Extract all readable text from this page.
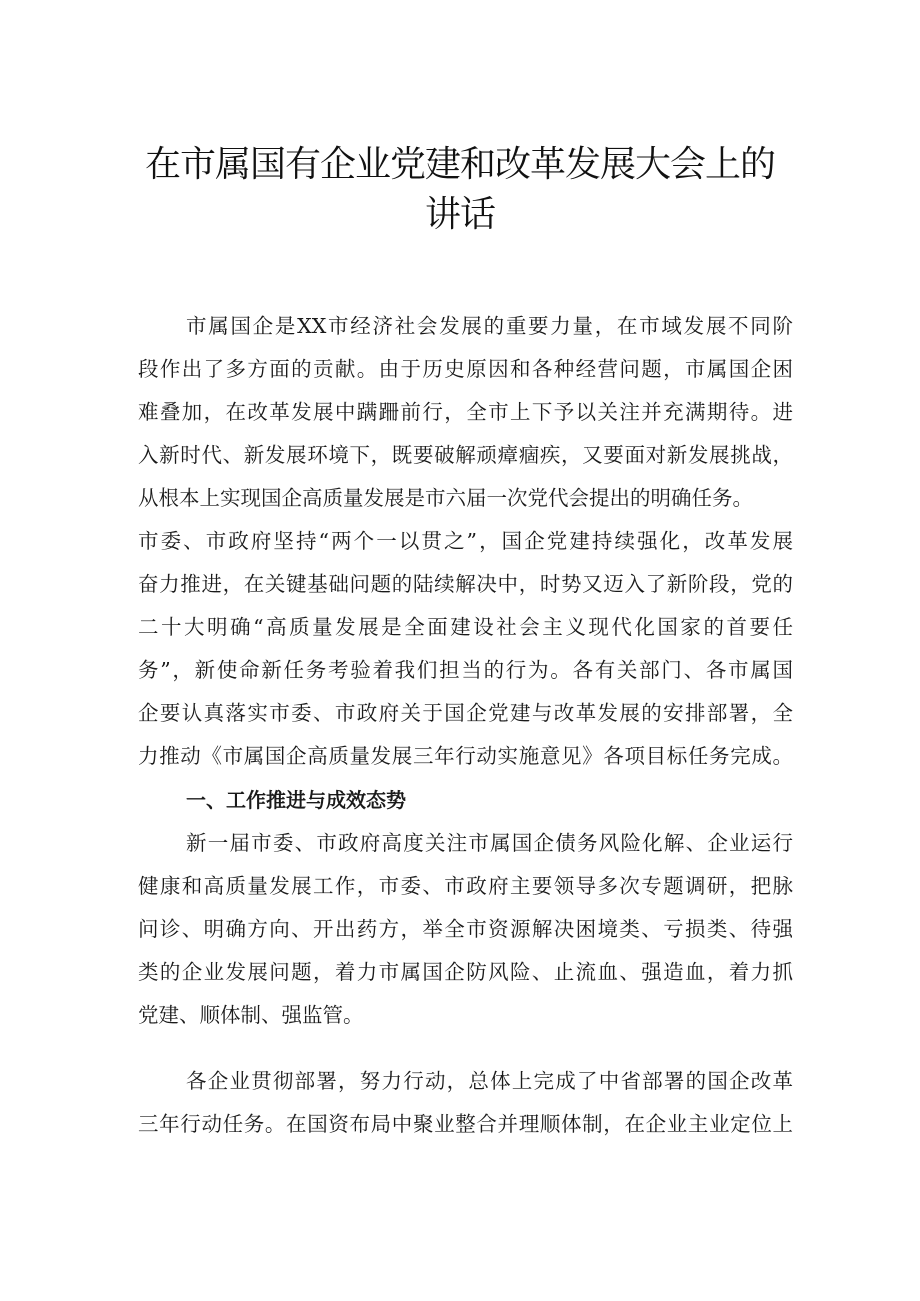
在市属国有企业党建和改革发展大会上的
讲话
市属国企是XX市经济社会发展的重要力量，在市域发展不同阶
段作出了多方面的贡献。由于历史原因和各种经营问题，市属国企困
难叠加，在改革发展中蹒跚前行，全市上下予以关注并充满期待。进
入新时代、新发展环境下，既要破解顽瘴痼疾，又要面对新发展挑战，
从根本上实现国企高质量发展是市六届一次党代会提出的明确任务。
市委、市政府坚持“两个一以贯之”，国企党建持续强化，改革发展
奋力推进，在关键基础问题的陆续解决中，时势又迈入了新阶段，党的
二十大明确“高质量发展是全面建设社会主义现代化国家的首要任
务”，新使命新任务考验着我们担当的行为。各有关部门、各市属国
企要认真落实市委、市政府关于国企党建与改革发展的安排部署，全
力推动《市属国企高质量发展三年行动实施意见》各项目标任务完成。
一、工作推进与成效态势
新一届市委、市政府高度关注市属国企债务风险化解、企业运行
健康和高质量发展工作，市委、市政府主要领导多次专题调研，把脉
问诊、明确方向、开出药方，举全市资源解决困境类、亏损类、待强
类的企业发展问题，着力市属国企防风险、止流血、强造血，着力抓
党建、顺体制、强监管。
各企业贯彻部署，努力行动，总体上完成了中省部署的国企改革
三年行动任务。在国资布局中聚业整合并理顺体制，在企业主业定位上
